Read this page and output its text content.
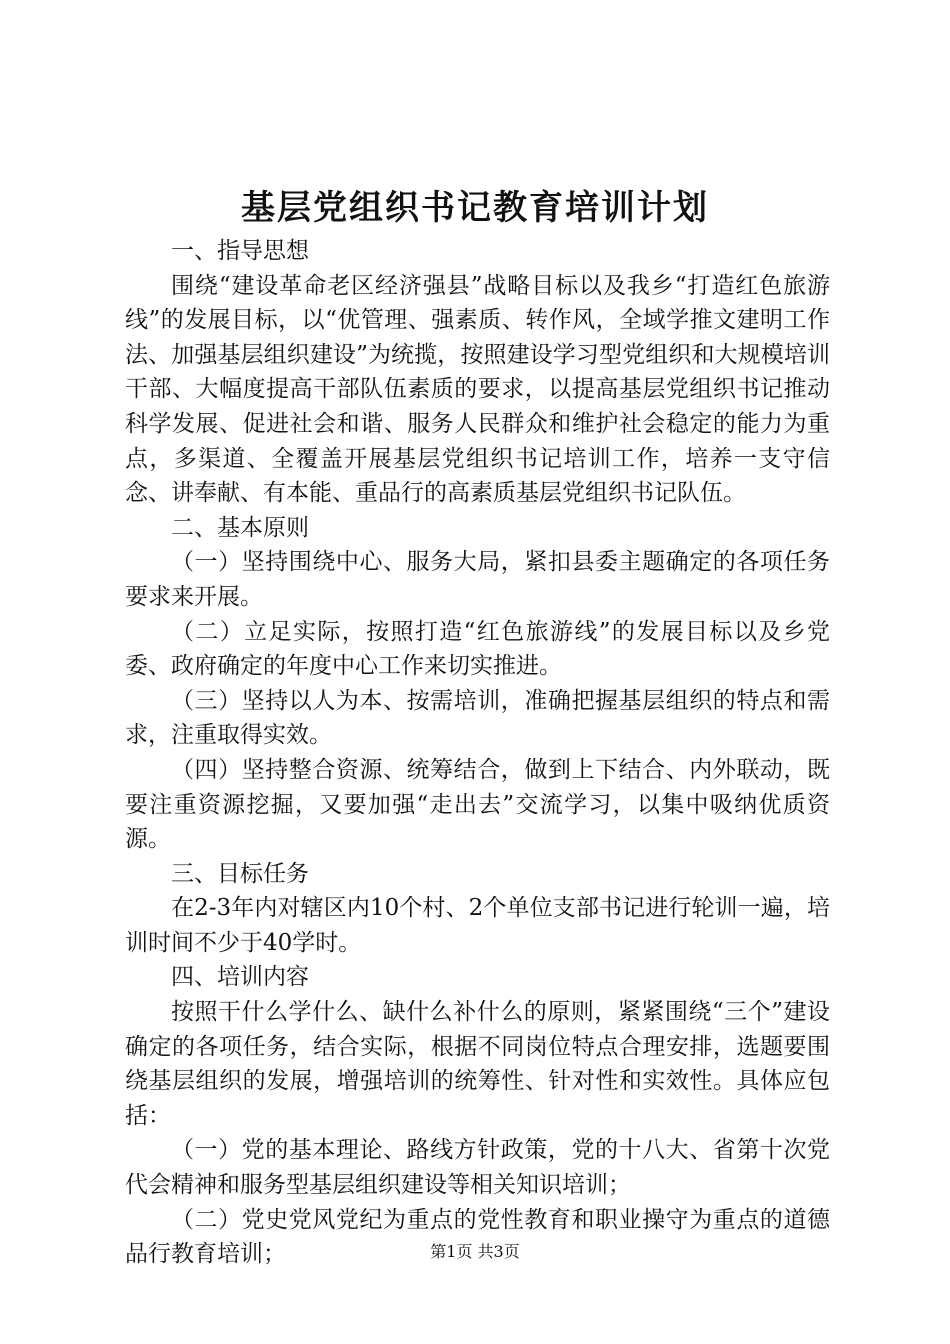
基层党组织书记教育培训计划

一、指导思想

围绕“建设革命老区经济强县”战略目标以及我乡“打造红色旅游线”的发展目标，以“优管理、强素质、转作风，全域学推文建明工作法、加强基层组织建设”为统揽，按照建设学习型党组织和大规模培训干部、大幅度提高干部队伍素质的要求，以提高基层党组织书记推动科学发展、促进社会和谐、服务人民群众和维护社会稳定的能力为重点，多渠道、全覆盖开展基层党组织书记培训工作，培养一支守信念、讲奉献、有本能、重品行的高素质基层党组织书记队伍。

二、基本原则

（一）坚持围绕中心、服务大局，紧扣县委主题确定的各项任务要求来开展。

（二）立足实际，按照打造“红色旅游线”的发展目标以及乡党委、政府确定的年度中心工作来切实推进。

（三）坚持以人为本、按需培训，准确把握基层组织的特点和需求，注重取得实效。

（四）坚持整合资源、统筹结合，做到上下结合、内外联动，既要注重资源挖掘，又要加强“走出去”交流学习，以集中吸纳优质资源。

三、目标任务

在2-3年内对辖区内10个村、2个单位支部书记进行轮训一遍，培训时间不少于40学时。

四、培训内容

按照干什么学什么、缺什么补什么的原则，紧紧围绕“三个”建设确定的各项任务，结合实际，根据不同岗位特点合理安排，选题要围绕基层组织的发展，增强培训的统筹性、针对性和实效性。具体应包括：

（一）党的基本理论、路线方针政策，党的十八大、省第十次党代会精神和服务型基层组织建设等相关知识培训；

（二）党史党风党纪为重点的党性教育和职业操守为重点的道德品行教育培训；	第1页 共3页
